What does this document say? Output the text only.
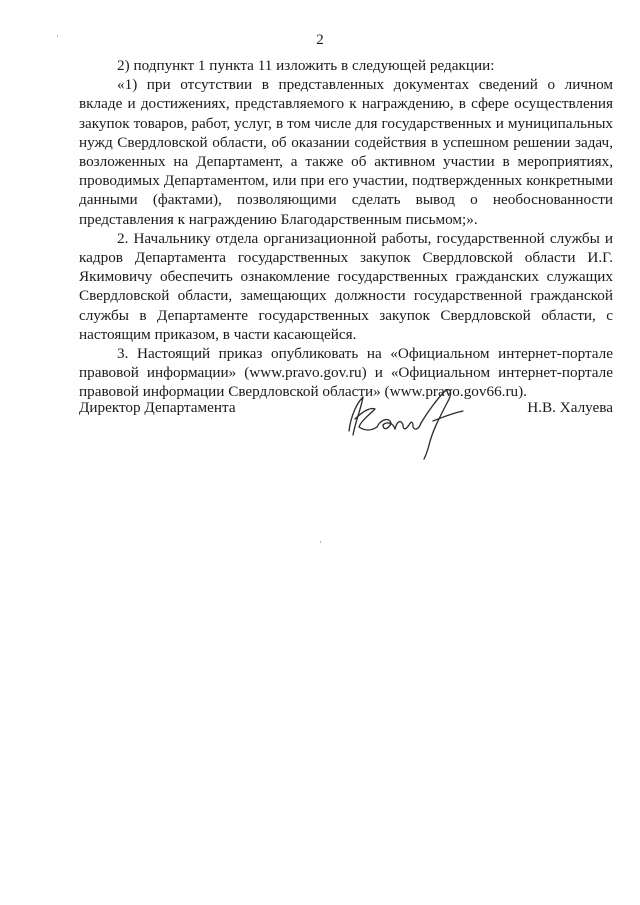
2

2) подпункт 1 пункта 11 изложить в следующей редакции:

«1) при отсутствии в представленных документах сведений о личном вкладе и достижениях, представляемого к награждению, в сфере осуществления закупок товаров, работ, услуг, в том числе для государственных и муниципальных нужд Свердловской области, об оказании содействия в успешном решении задач, возложенных на Департамент, а также об активном участии в мероприятиях, проводимых Департаментом, или при его участии, подтвержденных конкретными данными (фактами), позволяющими сделать вывод о необоснованности представления к награждению Благодарственным письмом;».

2. Начальнику отдела организационной работы, государственной службы и кадров Департамента государственных закупок Свердловской области И.Г. Якимовичу обеспечить ознакомление государственных гражданских служащих Свердловской области, замещающих должности государственной гражданской службы в Департаменте государственных закупок Свердловской области, с настоящим приказом, в части касающейся.

3. Настоящий приказ опубликовать на «Официальном интернет-портале правовой информации» (www.pravo.gov.ru) и «Официальном интернет-портале правовой информации Свердловской области» (www.pravo.gov66.ru).

Директор Департамента	Н.В. Халуева
